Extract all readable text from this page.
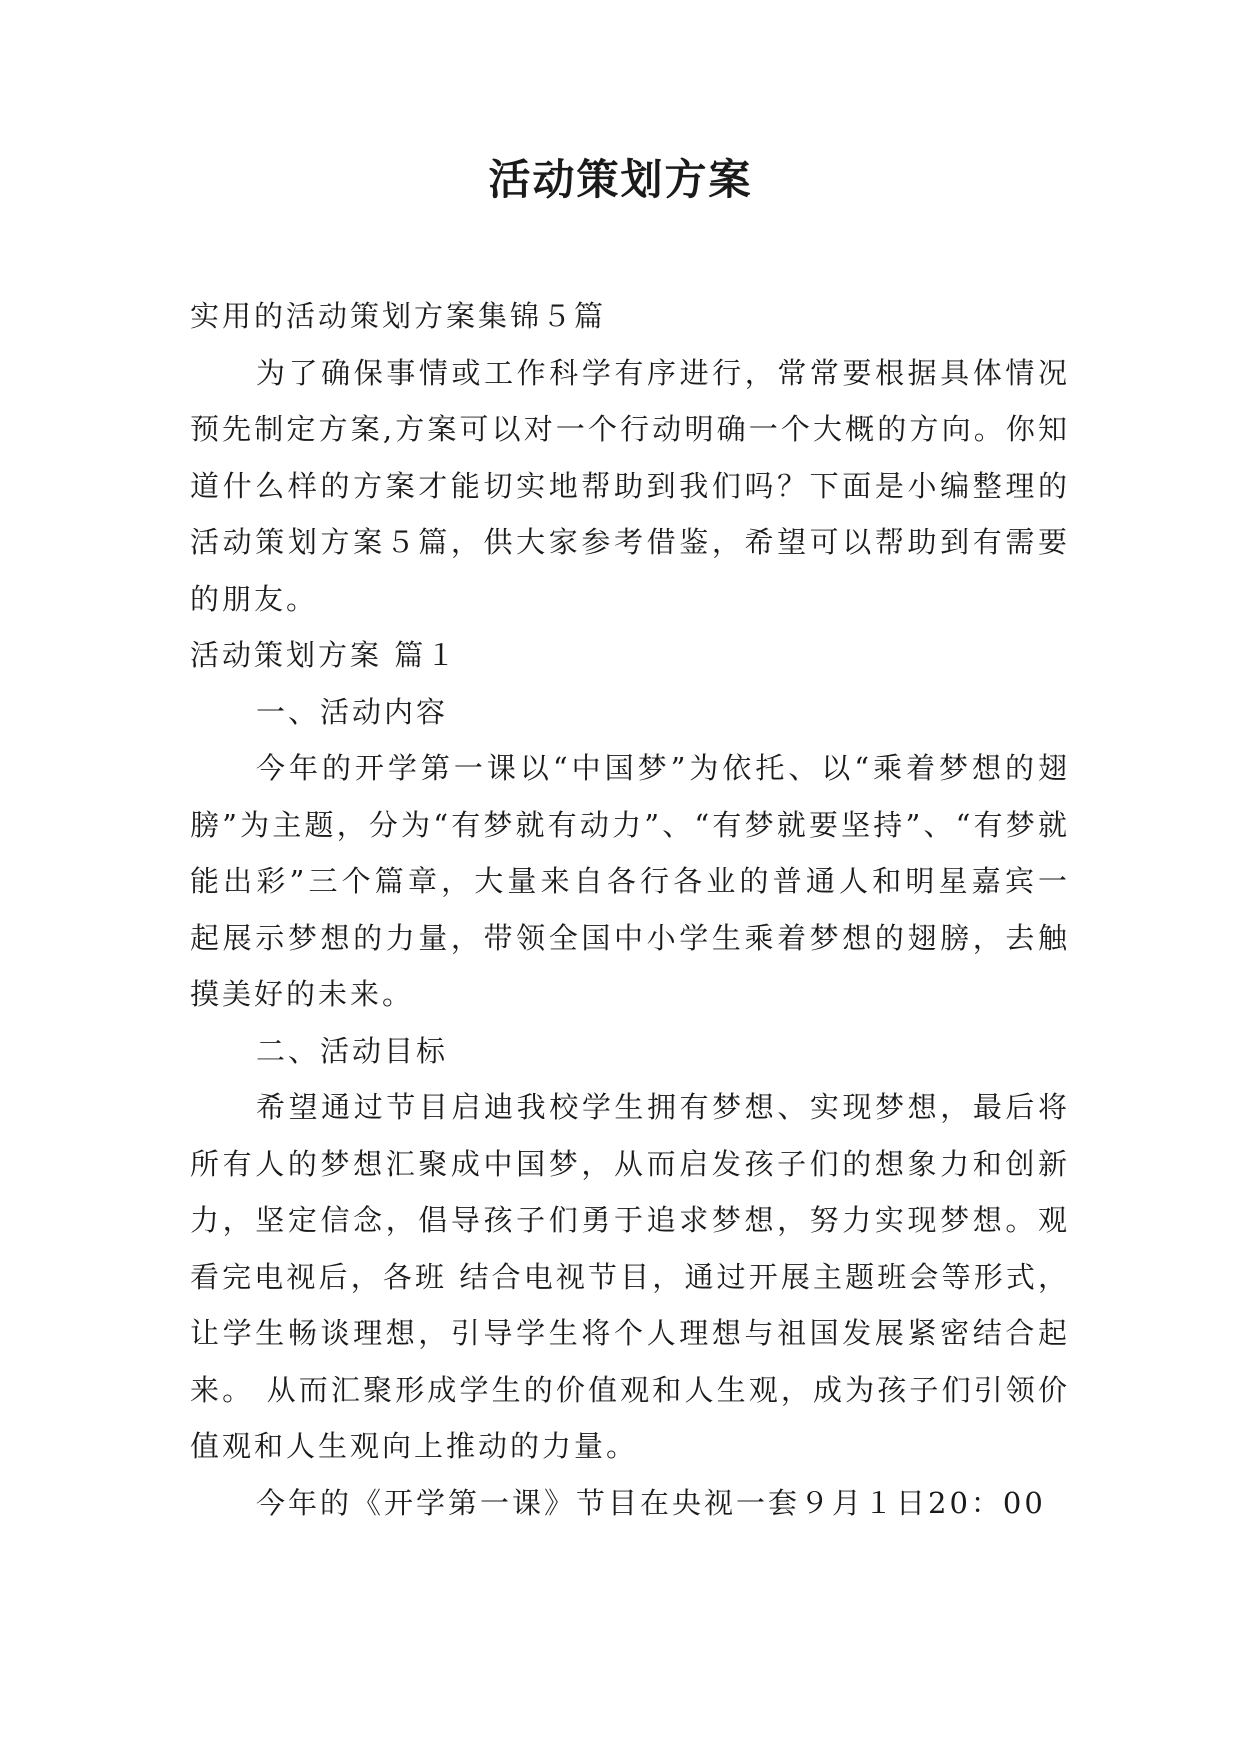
活动策划方案

实用的活动策划方案集锦５篇

为了确保事情或工作科学有序进行，常常要根据具体情况预先制定方案,方案可以对一个行动明确一个大概的方向。你知道什么样的方案才能切实地帮助到我们吗？下面是小编整理的活动策划方案５篇，供大家参考借鉴，希望可以帮助到有需要的朋友。

活动策划方案 篇１

一、活动内容

今年的开学第一课以“中国梦”为依托、以“乘着梦想的翅膀”为主题，分为“有梦就有动力”、“有梦就要坚持”、“有梦就能出彩”三个篇章，大量来自各行各业的普通人和明星嘉宾一起展示梦想的力量，带领全国中小学生乘着梦想的翅膀，去触摸美好的未来。

二、活动目标

希望通过节目启迪我校学生拥有梦想、实现梦想，最后将所有人的梦想汇聚成中国梦，从而启发孩子们的想象力和创新力，坚定信念，倡导孩子们勇于追求梦想，努力实现梦想。观看完电视后，各班 结合电视节目，通过开展主题班会等形式，让学生畅谈理想，引导学生将个人理想与祖国发展紧密结合起来。 从而汇聚形成学生的价值观和人生观，成为孩子们引领价值观和人生观向上推动的力量。

今年的《开学第一课》节目在央视一套９月１日20：00
